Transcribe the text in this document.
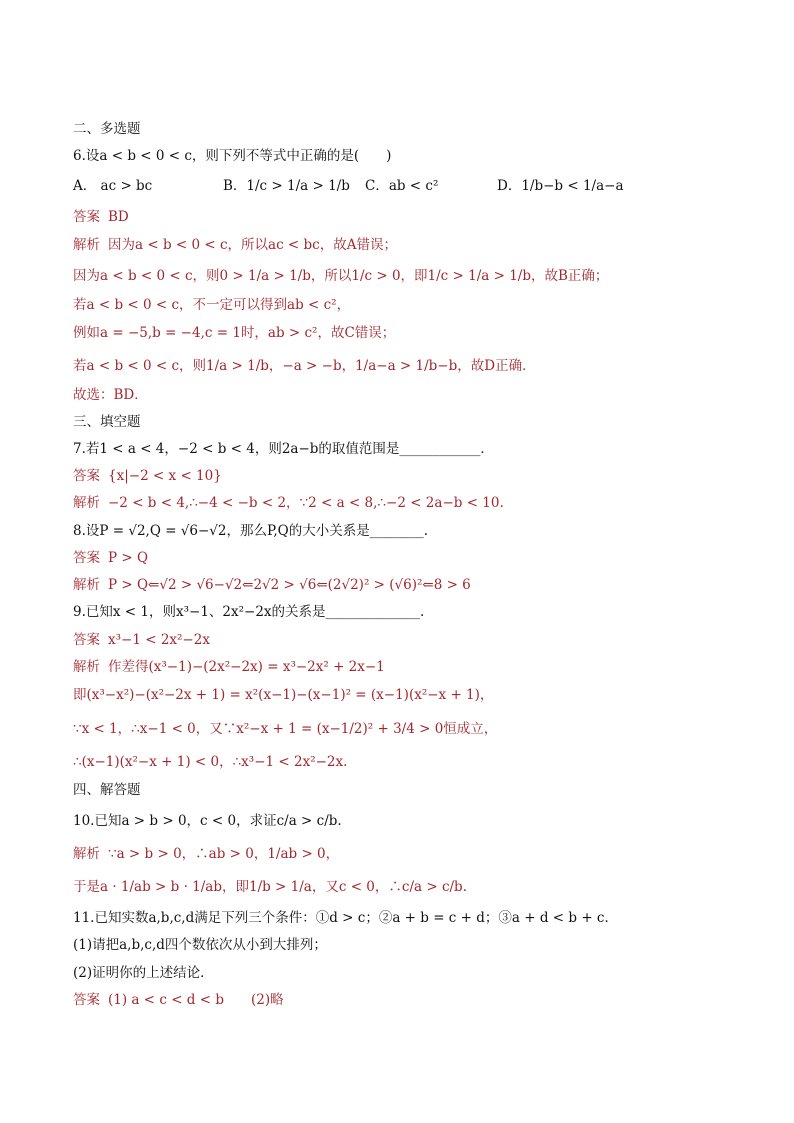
二、多选题
6.设a < b < 0 < c，则下列不等式中正确的是(　　)
A． ac > bc	B．1/c > 1/a > 1/b C．ab < c²	D．1/b−b < 1/a−a
答案 BD
解析 因为a < b < 0 < c，所以ac < bc，故A错误；
因为a < b < 0 < c，则0 > 1/a > 1/b，所以1/c > 0，即1/c > 1/a > 1/b，故B正确；
若a < b < 0 < c，不一定可以得到ab < c²，
例如a = −5,b = −4,c = 1时，ab > c²，故C错误；
若a < b < 0 < c，则1/a > 1/b，−a > −b，1/a−a > 1/b−b，故D正确．
故选：BD．
三、填空题
7.若1 < a < 4，−2 < b < 4，则2a−b的取值范围是____________．
答案 {x|−2 < x < 10}
解析 −2 < b < 4,∴−4 < −b < 2，∵2 < a < 8,∴−2 < 2a−b < 10.
8.设P = √2,Q = √6−√2，那么P,Q的大小关系是________.
答案 P > Q
解析 P > Q⇐√2 > √6−√2⇐2√2 > √6⇐(2√2)² > (√6)²⇐8 > 6
9.已知x < 1，则x³−1、2x²−2x的关系是______________.
答案 x³−1 < 2x²−2x
解析 作差得(x³−1)−(2x²−2x) = x³−2x² + 2x−1
即(x³−x²)−(x²−2x + 1) = x²(x−1)−(x−1)² = (x−1)(x²−x + 1)，
∵x < 1，∴x−1 < 0，又∵x²−x + 1 = (x−1/2)² + 3/4 > 0恒成立，
∴(x−1)(x²−x + 1) < 0，∴x³−1 < 2x²−2x.
四、解答题
10.已知a > b > 0，c < 0，求证c/a > c/b.
解析 ∵a > b > 0，∴ab > 0，1/ab > 0，
于是a · 1/ab > b · 1/ab，即1/b > 1/a，又c < 0，∴c/a > c/b.
11.已知实数a,b,c,d满足下列三个条件：①d > c；②a + b = c + d；③a + d < b + c．
(1)请把a,b,c,d四个数依次从小到大排列；
(2)证明你的上述结论．
答案 (1) a < c < d < b　　(2)略
